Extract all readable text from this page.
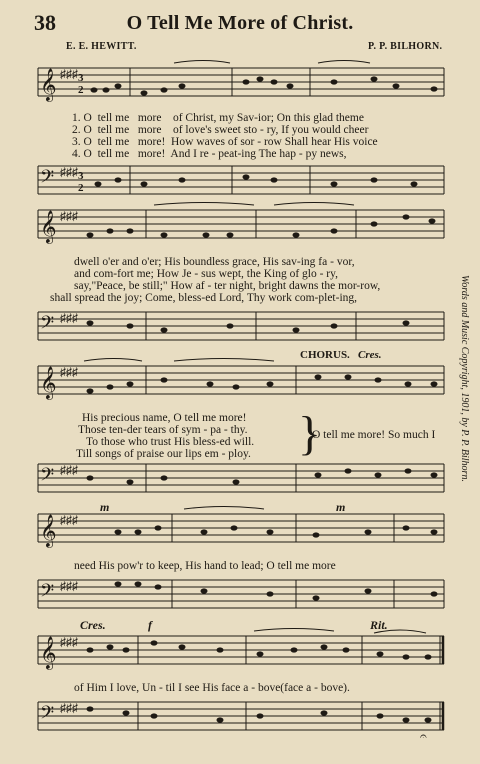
38	O Tell Me More of Christ.
E. E. HEWITT.	P. P. BILHORN.
𝄞 ♯♯♯ 3
2
1. O tell me more of Christ, my Sav-ior; On this glad theme
2. O tell me more of love's sweet sto - ry, If you would cheer
3. O tell me more! How waves of sor - row Shall hear His voice
4. O tell me more! And I re - peat-ing The hap - py news,
𝄢 ♯♯♯ 3
2
𝄞 ♯♯♯
dwell o'er and o'er; His boundless grace, His sav-ing fa - vor,
and com-fort me; How Je - sus wept, the King of glo - ry,
say,"Peace, be still;" How af - ter night, bright dawns the mor-row,
shall spread the joy; Come, bless-ed Lord, Thy work com-plet-ing,
𝄢 ♯♯♯
CHORUS. Cres.
𝄞 ♯♯♯
His precious name, O tell me more!
Those ten-der tears of sym - pa - thy.
To those who trust His bless-ed will.
Till songs of praise our lips em - ploy. }
O tell me more! So much I
𝄢 ♯♯♯
m	m
𝄞 ♯♯♯
need His pow'r to keep, His hand to lead; O tell me more
𝄢 ♯♯♯
Cres.	f	Rit.
𝄞 ♯♯♯
of Him I love, Un - til I see His face a - bove(face a - bove).
𝄢 ♯♯♯
𝄐
Words and Music Copyright, 1901, by P. P. Bilhorn.
